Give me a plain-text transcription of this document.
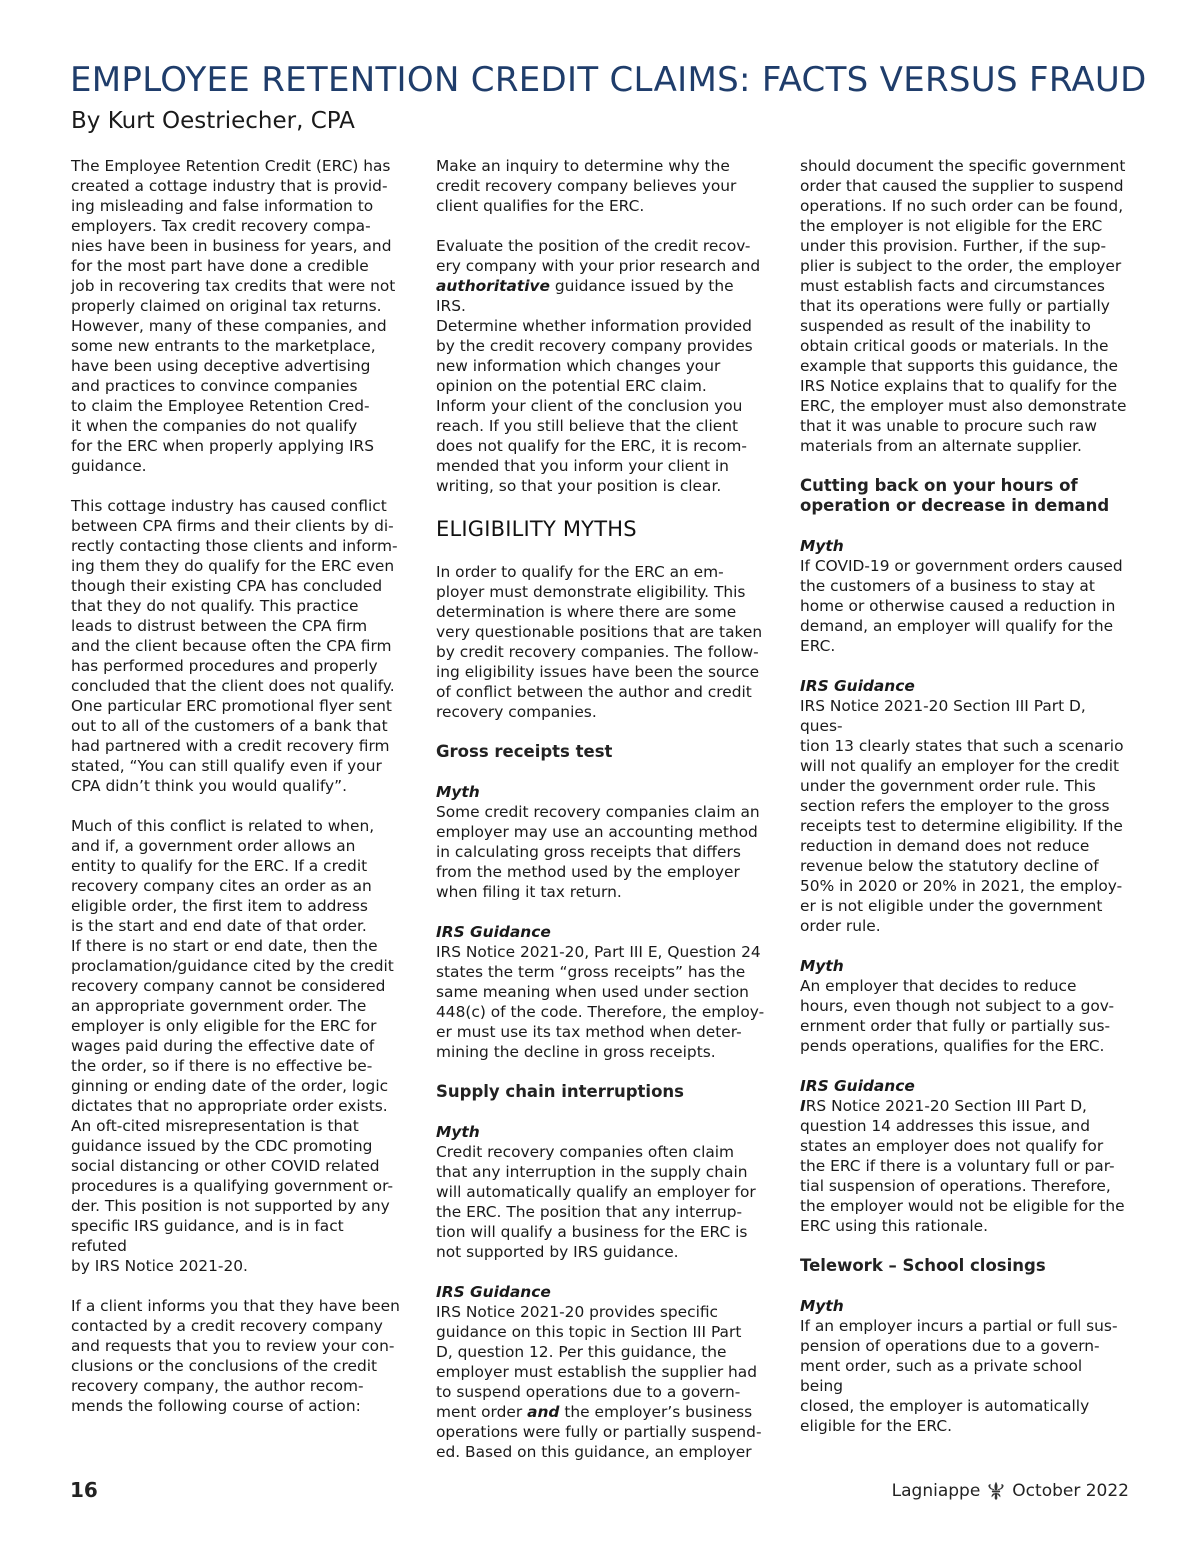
EMPLOYEE RETENTION CREDIT CLAIMS: FACTS VERSUS FRAUD
By Kurt Oestriecher, CPA

The Employee Retention Credit (ERC) has
created a cottage industry that is provid-
ing misleading and false information to
employers. Tax credit recovery compa-
nies have been in business for years, and
for the most part have done a credible
job in recovering tax credits that were not
properly claimed on original tax returns.
However, many of these companies, and
some new entrants to the marketplace,
have been using deceptive advertising
and practices to convince companies
to claim the Employee Retention Cred-
it when the companies do not qualify
for the ERC when properly applying IRS
guidance.

This cottage industry has caused conflict
between CPA firms and their clients by di-
rectly contacting those clients and inform-
ing them they do qualify for the ERC even
though their existing CPA has concluded
that they do not qualify. This practice
leads to distrust between the CPA firm
and the client because often the CPA firm
has performed procedures and properly
concluded that the client does not qualify.
One particular ERC promotional flyer sent
out to all of the customers of a bank that
had partnered with a credit recovery firm
stated, “You can still qualify even if your
CPA didn’t think you would qualify”.

Much of this conflict is related to when,
and if, a government order allows an
entity to qualify for the ERC. If a credit
recovery company cites an order as an
eligible order, the first item to address
is the start and end date of that order.
If there is no start or end date, then the
proclamation/guidance cited by the credit
recovery company cannot be considered
an appropriate government order. The
employer is only eligible for the ERC for
wages paid during the effective date of
the order, so if there is no effective be-
ginning or ending date of the order, logic
dictates that no appropriate order exists.
An oft-cited misrepresentation is that
guidance issued by the CDC promoting
social distancing or other COVID related
procedures is a qualifying government or-
der. This position is not supported by any
specific IRS guidance, and is in fact refuted
by IRS Notice 2021-20.

If a client informs you that they have been
contacted by a credit recovery company
and requests that you to review your con-
clusions or the conclusions of the credit
recovery company, the author recom-
mends the following course of action:

Make an inquiry to determine why the
credit recovery company believes your
client qualifies for the ERC.

Evaluate the position of the credit recov-
ery company with your prior research and
authoritative guidance issued by the IRS.
Determine whether information provided
by the credit recovery company provides
new information which changes your
opinion on the potential ERC claim.
Inform your client of the conclusion you
reach. If you still believe that the client
does not qualify for the ERC, it is recom-
mended that you inform your client in
writing, so that your position is clear.

ELIGIBILITY MYTHS

In order to qualify for the ERC an em-
ployer must demonstrate eligibility. This
determination is where there are some
very questionable positions that are taken
by credit recovery companies. The follow-
ing eligibility issues have been the source
of conflict between the author and credit
recovery companies.

Gross receipts test

Myth

Some credit recovery companies claim an
employer may use an accounting method
in calculating gross receipts that differs
from the method used by the employer
when filing it tax return.

IRS Guidance

IRS Notice 2021-20, Part III E, Question 24
states the term “gross receipts” has the
same meaning when used under section
448(c) of the code. Therefore, the employ-
er must use its tax method when deter-
mining the decline in gross receipts.

Supply chain interruptions

Myth

Credit recovery companies often claim
that any interruption in the supply chain
will automatically qualify an employer for
the ERC. The position that any interrup-
tion will qualify a business for the ERC is
not supported by IRS guidance.

IRS Guidance

IRS Notice 2021-20 provides specific
guidance on this topic in Section III Part
D, question 12. Per this guidance, the
employer must establish the supplier had
to suspend operations due to a govern-
ment order and the employer’s business
operations were fully or partially suspend-
ed. Based on this guidance, an employer

should document the specific government
order that caused the supplier to suspend
operations. If no such order can be found,
the employer is not eligible for the ERC
under this provision. Further, if the sup-
plier is subject to the order, the employer
must establish facts and circumstances
that its operations were fully or partially
suspended as result of the inability to
obtain critical goods or materials. In the
example that supports this guidance, the
IRS Notice explains that to qualify for the
ERC, the employer must also demonstrate
that it was unable to procure such raw
materials from an alternate supplier.

Cutting back on your hours of
operation or decrease in demand

Myth

If COVID-19 or government orders caused
the customers of a business to stay at
home or otherwise caused a reduction in
demand, an employer will qualify for the
ERC.

IRS Guidance

IRS Notice 2021-20 Section III Part D, ques-
tion 13 clearly states that such a scenario
will not qualify an employer for the credit
under the government order rule. This
section refers the employer to the gross
receipts test to determine eligibility. If the
reduction in demand does not reduce
revenue below the statutory decline of
50% in 2020 or 20% in 2021, the employ-
er is not eligible under the government
order rule.

Myth

An employer that decides to reduce
hours, even though not subject to a gov-
ernment order that fully or partially sus-
pends operations, qualifies for the ERC.

IRS Guidance

IRS Notice 2021-20 Section III Part D,
question 14 addresses this issue, and
states an employer does not qualify for
the ERC if there is a voluntary full or par-
tial suspension of operations. Therefore,
the employer would not be eligible for the
ERC using this rationale.

Telework – School closings

Myth

If an employer incurs a partial or full sus-
pension of operations due to a govern-
ment order, such as a private school being
closed, the employer is automatically
eligible for the ERC.

16	Lagniappe October 2022
